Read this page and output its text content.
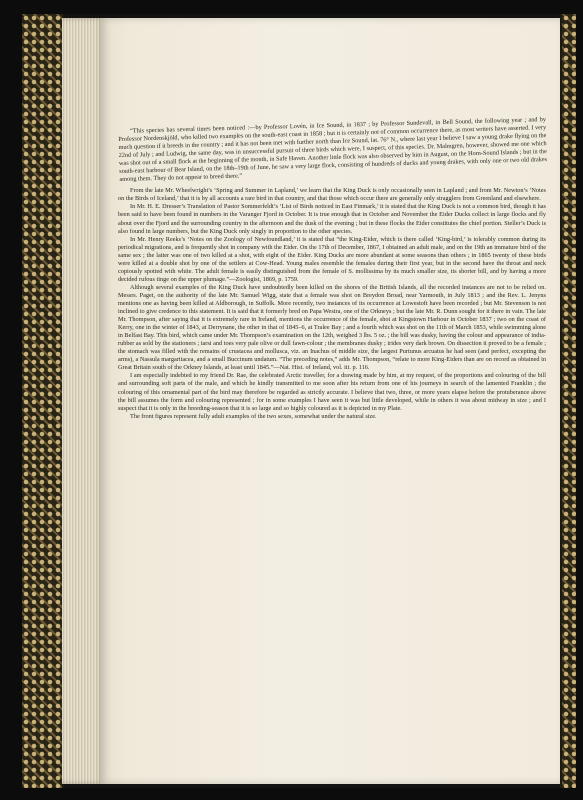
“This species has several times been noticed :—by Professor Lovén, in Ice Sound, in 1837 ; by Professor Sundevall, in Bell Sound, the following year ; and by Professor Nordenskjöld, who killed two examples on the south-east coast in 1858 ; but it is certainly not of common occurrence there, as most writers have asserted. I very much question if it breeds in the country ; and it has not been met with further north than Ice Sound, lat. 76° N., where last year I believe I saw a young drake flying on the 22nd of July ; and Ludwig, the same day, was in unsuccessful pursuit of three birds which were, I suspect, of this species. Dr. Malmgren, however, showed me one which was shot out of a small flock at the beginning of the month, in Safe Haven. Another little flock was also observed by him in August, on the Horn-Sound Islands ; but in the south-east harbour of Bear Island, on the 18th–19th of June, he saw a very large flock, consisting of hundreds of ducks and young drakes, with only one or two old drakes among them. They do not appear to breed there.”

From the late Mr. Wheelwright’s ‘Spring and Summer in Lapland,’ we learn that the King Duck is only occasionally seen in Lapland ; and from Mr. Newton’s ‘Notes on the Birds of Iceland,’ that it is by all accounts a rare bird in that country, and that those which occur there are generally only stragglers from Greenland and elsewhere.

In Mr. H. E. Dresser’s Translation of Pastor Sommerfeldt’s ‘List of Birds noticed in East Finmark,’ it is stated that the King Duck is not a common bird, though it has been said to have been found in numbers in the Varanger Fjord in October. It is true enough that in October and November the Eider Ducks collect in large flocks and fly about over the Fjord and the surrounding country in the afternoon and the dusk of the evening ; but in these flocks the Eider constitutes the chief portion. Steller’s Duck is also found in large numbers, but the King Duck only singly in proportion to the other species.

In Mr. Henry Reeks’s ‘Notes on the Zoology of Newfoundland,’ it is stated that “the King-Eider, which is there called ‘King-bird,’ is tolerably common during its periodical migrations, and is frequently shot in company with the Eider. On the 17th of December, 1867, I obtained an adult male, and on the 19th an immature bird of the same sex ; the latter was one of two killed at a shot, with eight of the Eider. King Ducks are more abundant at some seasons than others ; in 1865 twenty of these birds were killed at a double shot by one of the settlers at Cow-Head. Young males resemble the females during their first year, but in the second have the throat and neck copiously spotted with white. The adult female is easily distinguished from the female of S. mollissima by its much smaller size, its shorter bill, and by having a more decided rufous tinge on the upper plumage.”—Zoologist, 1869, p. 1759.

Although several examples of the King Duck have undoubtedly been killed on the shores of the British Islands, all the recorded instances are not to be relied on. Messrs. Paget, on the authority of the late Mr. Samuel Wigg, state that a female was shot on Breydon Broad, near Yarmouth, in July 1813 ; and the Rev. L. Jenyns mentions one as having been killed at Aldborough, in Suffolk. More recently, two instances of its occurrence at Lowestoft have been recorded ; but Mr. Stevenson is not inclined to give credence to this statement. It is said that it formerly bred on Papa Westra, one of the Orkneys ; but the late Mr. R. Dunn sought for it there in vain. The late Mr. Thompson, after saying that it is extremely rare in Ireland, mentions the occurrence of the female, shot at Kingstown Harbour in October 1837 ; two on the coast of Kerry, one in the winter of 1843, at Derrynane, the other in that of 1845–6, at Tralee Bay ; and a fourth which was shot on the 11th of March 1853, while swimming alone in Belfast Bay. This bird, which came under Mr. Thompson’s examination on the 12th, weighed 3 lbs. 5 oz. ; the bill was dusky, having the colour and appearance of india-rubber as sold by the stationers ; tarsi and toes very pale olive or dull fawn-colour ; the membranes dusky ; irides very dark brown. On dissection it proved to be a female ; the stomach was filled with the remains of crustacea and mollusca, viz. an Inachus of middle size, the largest Purtunus arcuatus he had seen (and perfect, excepting the arms), a Nassula margaritacea, and a small Buccinum undatum. “The preceding notes,” adds Mr. Thompson, “relate to more King-Eiders than are on record as obtained in Great Britain south of the Orkney Islands, at least until 1845.”—Nat. Hist. of Ireland, vol. iii. p. 116.

I am especially indebted to my friend Dr. Rae, the celebrated Arctic traveller, for a drawing made by him, at my request, of the proportions and colouring of the bill and surrounding soft parts of the male, and which he kindly transmitted to me soon after his return from one of his journeys in search of the lamented Franklin ; the colouring of this ornamental part of the bird may therefore be regarded as strictly accurate. I believe that two, three, or more years elapse before the protuberance above the bill assumes the form and colouring represented ; for in some examples I have seen it was but little developed, while in others it was about midway in size ; and I suspect that it is only in the breeding-season that it is so large and so highly coloured as it is depicted in my Plate.

The front figures represent fully adult examples of the two sexes, somewhat under the natural size.
